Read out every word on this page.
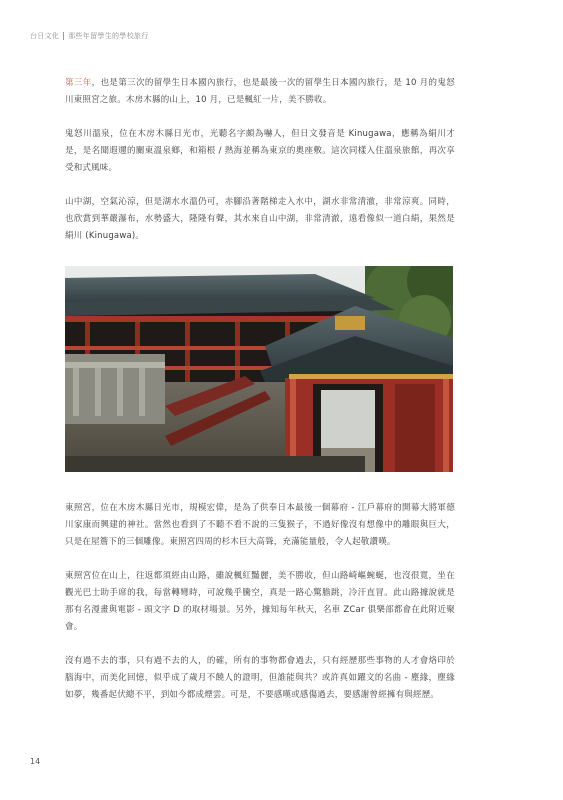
台日文化 那些年留學生的學校旅行

第三年，也是第三次的留學生日本國內旅行，也是最後一次的留學生日本國內旅行，是 10 月的鬼怒川東照宮之旅。木房木縣的山上，10 月，已是楓紅一片，美不勝收。

鬼怒川溫泉，位在木房木縣日光市，光聽名字頗為嚇人，但日文發音是 Kinugawa，應稱為絹川才是，是名聞遐邇的關東溫泉鄉，和箱根 / 熱海並稱為東京的奧座敷。這次同樣入住溫泉旅館，再次享受和式風味。

山中湖，空氣沁涼，但是湖水水溫仍可，赤腳沿著階梯走入水中，湖水非常清澈，非常涼爽。同時，也欣賞到華嚴瀑布，水勢盛大，隆隆有聲，其水來自山中湖，非常清澈，遠看像似一道白絹，果然是絹川 (Kinugawa)。

東照宮，位在木房木縣日光市，規模宏偉，是為了供奉日本最後一個幕府 - 江戶幕府的開幕大將軍德川家康而興建的神社。當然也看到了不聽不看不說的三隻猴子，不過好像沒有想像中的雕眼與巨大，只是在屋簷下的三個雕像。東照宮四周的杉木巨大高聳，充滿能量般，令人起敬讚嘆。

東照宮位在山上，往返都須經由山路，雖說楓紅豔麗，美不勝收，但山路崎嶇蜿蜒，也沒很寬，坐在觀光巴士助手席的我，每當轉彎時，可說幾乎騰空，真是一路心驚膽跳，冷汗直冒。此山路據說就是那有名漫畫與電影 - 頭文字 D 的取材場景。另外，據知每年秋天，名車 ZCar 俱樂部都會在此附近聚會。

沒有過不去的事，只有過不去的人，的確，所有的事物都會過去，只有經歷那些事物的人才會烙印於腦海中，而美化回憶，似乎成了歲月不饒人的證明，但誰能與共？或許真如躍文的名曲 - 塵緣，塵緣如夢，幾番起伏總不平，到如今都成煙雲。可是，不要感嘆或感傷過去，要感謝曾經擁有與經歷。

14
